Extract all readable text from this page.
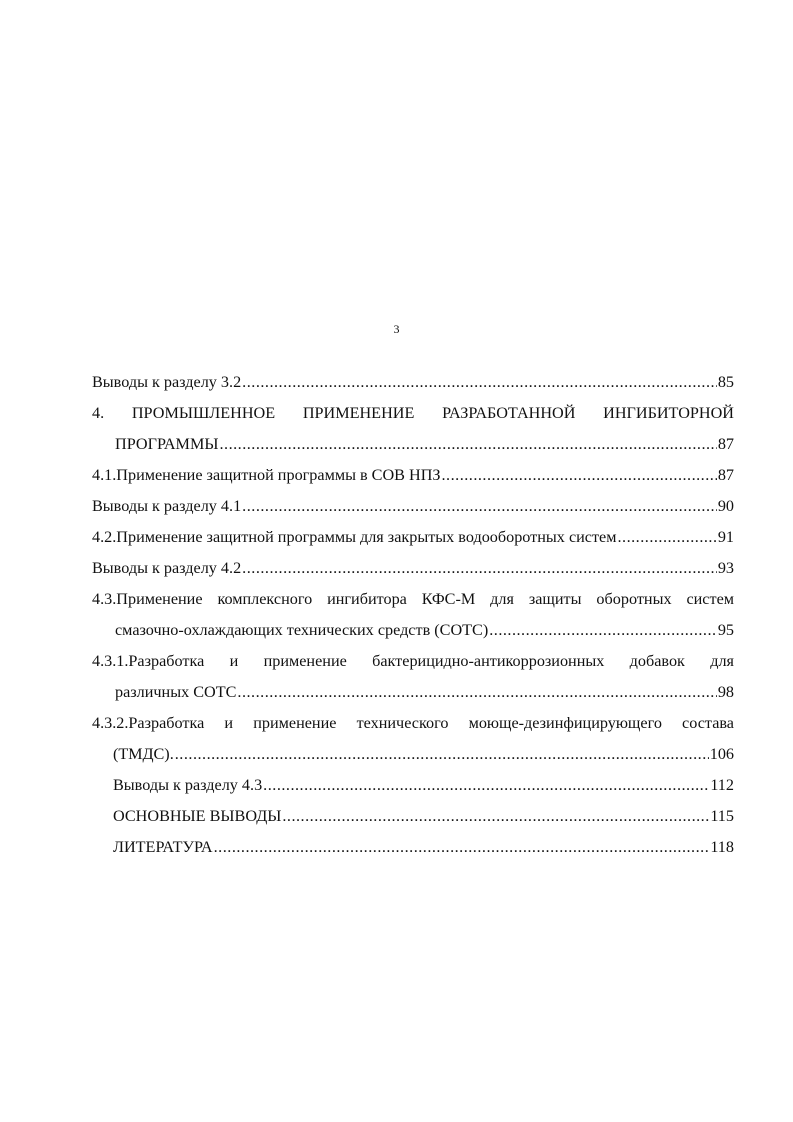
3
Выводы к разделу 3.2 .....	85
4. ПРОМЫШЛЕННОЕ ПРИМЕНЕНИЕ РАЗРАБОТАННОЙ ИНГИБИТОРНОЙ
ПРОГРАММЫ .....	87
4.1.Применение защитной программы в СОВ НПЗ .....	87
Выводы к разделу 4.1 .....	90
4.2.Применение защитной программы для закрытых водооборотных систем .....	91
Выводы к разделу 4.2 .....	93
4.3.Применение комплексного ингибитора КФС-М для защиты оборотных систем
смазочно-охлаждающих технических средств (СОТС) .....	95
4.3.1.Разработка и применение бактерицидно-антикоррозионных добавок для
различных СОТС .....	98
4.3.2.Разработка и применение технического моюще-дезинфицирующего состава
(ТМДС). .....	106
Выводы к разделу 4.3 .....	112
ОСНОВНЫЕ ВЫВОДЫ .....	115
ЛИТЕРАТУРА .....	118
